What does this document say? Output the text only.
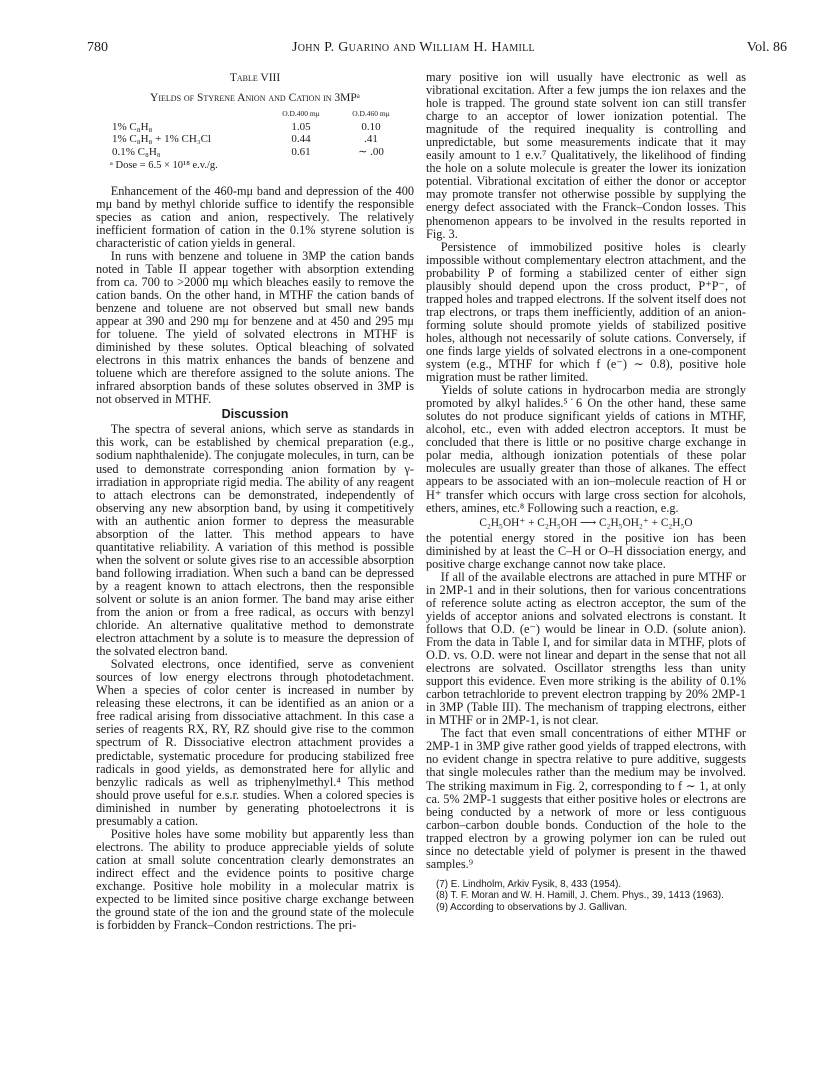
780	John P. Guarino and William H. Hamill	Vol. 86
Table VIII
Yields of Styrene Anion and Cation in 3MPᵃ
	O.D.400 mμ	O.D.460 mμ
1% C₈H₈	1.05	0.10
1% C₈H₈ + 1% CH₃Cl	0.44	.41
0.1% C₈H₈	0.61	∼ .00
ᵃ Dose = 6.5 × 10¹⁸ e.v./g.

Enhancement of the 460-mμ band and depression of the 400 mμ band by methyl chloride suffice to identify the responsible species as cation and anion, respectively. The relatively inefficient formation of cation in the 0.1% styrene solution is characteristic of cation yields in general.

In runs with benzene and toluene in 3MP the cation bands noted in Table II appear together with absorption extending from ca. 700 to >2000 mμ which bleaches easily to remove the cation bands. On the other hand, in MTHF the cation bands of benzene and toluene are not observed but small new bands appear at 390 and 290 mμ for benzene and at 450 and 295 mμ for toluene. The yield of solvated electrons in MTHF is diminished by these solutes. Optical bleaching of solvated electrons in this matrix enhances the bands of benzene and toluene which are therefore assigned to the solute anions. The infrared absorption bands of these solutes observed in 3MP is not observed in MTHF.

Discussion

The spectra of several anions, which serve as standards in this work, can be established by chemical preparation (e.g., sodium naphthalenide). The conjugate molecules, in turn, can be used to demonstrate corresponding anion formation by γ-irradiation in appropriate rigid media. The ability of any reagent to attach electrons can be demonstrated, independently of observing any new absorption band, by using it competitively with an authentic anion former to depress the measurable absorption of the latter. This method appears to have quantitative reliability. A variation of this method is possible when the solvent or solute gives rise to an accessible absorption band following irradiation. When such a band can be depressed by a reagent known to attach electrons, then the responsible solvent or solute is an anion former. The band may arise either from the anion or from a free radical, as occurs with benzyl chloride. An alternative qualitative method to demonstrate electron attachment by a solute is to measure the depression of the solvated electron band.

Solvated electrons, once identified, serve as convenient sources of low energy electrons through photodetachment. When a species of color center is increased in number by releasing these electrons, it can be identified as an anion or a free radical arising from dissociative attachment. In this case a series of reagents RX, RY, RZ should give rise to the common spectrum of R. Dissociative electron attachment provides a predictable, systematic procedure for producing stabilized free radicals in good yields, as demonstrated here for allylic and benzylic radicals as well as triphenylmethyl.⁴ This method should prove useful for e.s.r. studies. When a colored species is diminished in number by generating photoelectrons it is presumably a cation.

Positive holes have some mobility but apparently less than electrons. The ability to produce appreciable yields of solute cation at small solute concentration clearly demonstrates an indirect effect and the evidence points to positive charge exchange. Positive hole mobility in a molecular matrix is expected to be limited since positive charge exchange between the ground state of the ion and the ground state of the molecule is forbidden by Franck–Condon restrictions. The pri-

mary positive ion will usually have electronic as well as vibrational excitation. After a few jumps the ion relaxes and the hole is trapped. The ground state solvent ion can still transfer charge to an acceptor of lower ionization potential. The magnitude of the required inequality is controlling and unpredictable, but some measurements indicate that it may easily amount to 1 e.v.⁷ Qualitatively, the likelihood of finding the hole on a solute molecule is greater the lower its ionization potential. Vibrational excitation of either the donor or acceptor may promote transfer not otherwise possible by supplying the energy defect associated with the Franck–Condon losses. This phenomenon appears to be involved in the results reported in Fig. 3.

Persistence of immobilized positive holes is clearly impossible without complementary electron attachment, and the probability P of forming a stabilized center of either sign plausibly should depend upon the cross product, P⁺P⁻, of trapped holes and trapped electrons. If the solvent itself does not trap electrons, or traps them inefficiently, addition of an anion-forming solute should promote yields of stabilized positive holes, although not necessarily of solute cations. Conversely, if one finds large yields of solvated electrons in a one-component system (e.g., MTHF for which f (e⁻) ∼ 0.8), positive hole migration must be rather limited.

Yields of solute cations in hydrocarbon media are strongly promoted by alkyl halides.⁵˙6 On the other hand, these same solutes do not produce significant yields of cations in MTHF, alcohol, etc., even with added electron acceptors. It must be concluded that there is little or no positive charge exchange in polar media, although ionization potentials of these polar molecules are usually greater than those of alkanes. The effect appears to be associated with an ion–molecule reaction of H or H⁺ transfer which occurs with large cross section for alcohols, ethers, amines, etc.⁸ Following such a reaction, e.g.

C₂H₅OH⁺ + C₂H₅OH ⟶ C₂H₅OH₂⁺ + C₂H₅O

the potential energy stored in the positive ion has been diminished by at least the C–H or O–H dissociation energy, and positive charge exchange cannot now take place.

If all of the available electrons are attached in pure MTHF or in 2MP-1 and in their solutions, then for various concentrations of reference solute acting as electron acceptor, the sum of the yields of acceptor anions and solvated electrons is constant. It follows that O.D. (e⁻) would be linear in O.D. (solute anion). From the data in Table I, and for similar data in MTHF, plots of O.D. vs. O.D. were not linear and depart in the sense that not all electrons are solvated. Oscillator strengths less than unity support this evidence. Even more striking is the ability of 0.1% carbon tetrachloride to prevent electron trapping by 20% 2MP-1 in 3MP (Table III). The mechanism of trapping electrons, either in MTHF or in 2MP-1, is not clear.

The fact that even small concentrations of either MTHF or 2MP-1 in 3MP give rather good yields of trapped electrons, with no evident change in spectra relative to pure additive, suggests that single molecules rather than the medium may be involved. The striking maximum in Fig. 2, corresponding to f ∼ 1, at only ca. 5% 2MP-1 suggests that either positive holes or electrons are being conducted by a network of more or less contiguous carbon–carbon double bonds. Conduction of the hole to the trapped electron by a growing polymer ion can be ruled out since no detectable yield of polymer is present in the thawed samples.⁹

(7) E. Lindholm, Arkiv Fysik, 8, 433 (1954).
(8) T. F. Moran and W. H. Hamill, J. Chem. Phys., 39, 1413 (1963).
(9) According to observations by J. Gallivan.
